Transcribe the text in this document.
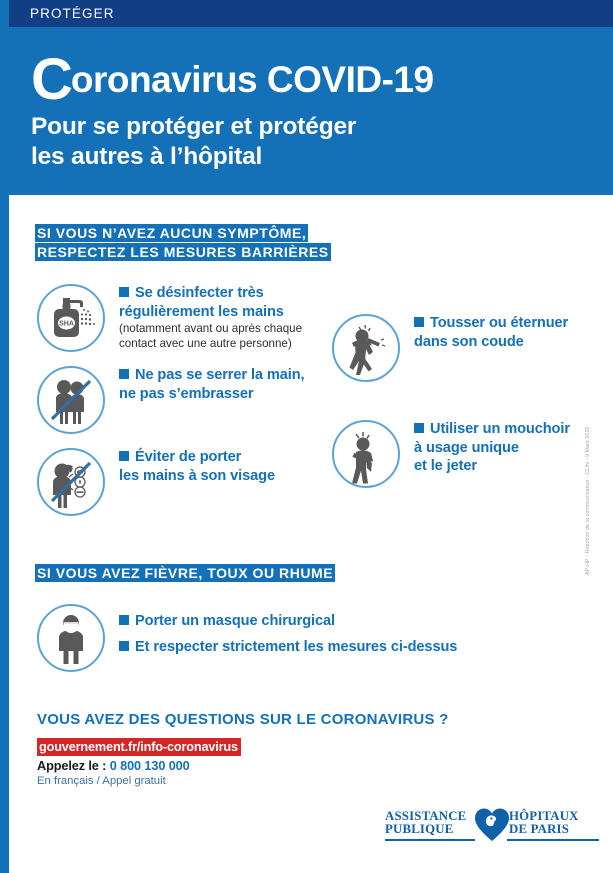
PROTÉGER
Coronavirus COVID-19
Pour se protéger et protéger
les autres à l’hôpital
SI VOUS N’AVEZ AUCUN SYMPTÔME,
RESPECTEZ LES MESURES BARRIÈRES
SHA
Se désinfecter très
régulièrement les mains
(notamment avant ou après chaque
contact avec une autre personne)
Ne pas se serrer la main,
ne pas s’embrasser
Éviter de porter
les mains à son visage
Tousser ou éternuer
dans son coude
Utiliser un mouchoir
à usage unique
et le jeter
SI VOUS AVEZ FIÈVRE, TOUX OU RHUME
Porter un masque chirurgical
Et respecter strictement les mesures ci-dessus
VOUS AVEZ DES QUESTIONS SUR LE CORONAVIRUS ?
gouvernement.fr/info-coronavirus
Appelez le : 0 800 130 000
En français / Appel gratuit
AP-HP - Direction de la communication - CLIN - 9 Mars 2020
ASSISTANCE
PUBLIQUE
HÔPITAUX
DE PARIS
